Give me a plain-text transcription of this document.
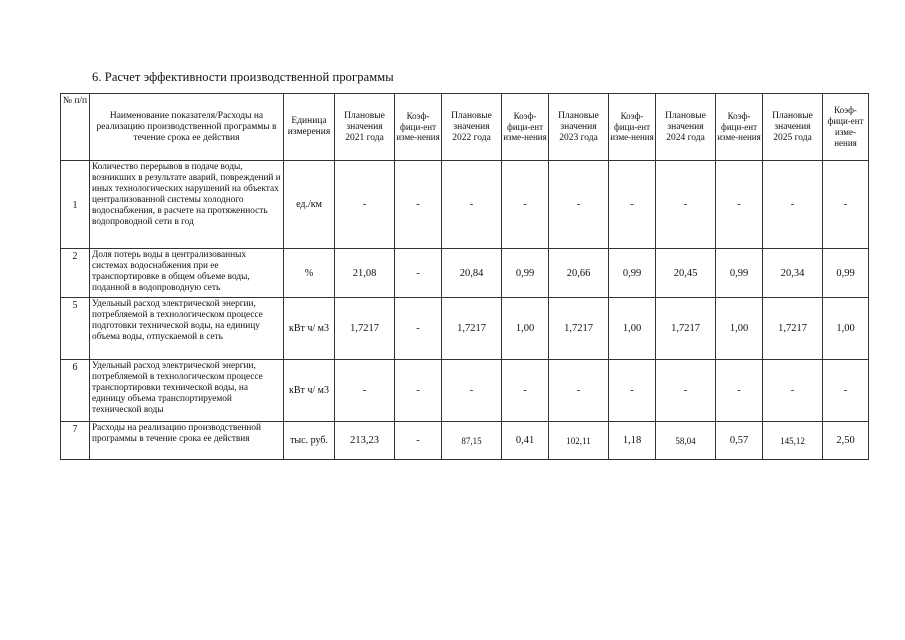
6. Расчет эффективности производственной программы
№ п/п	Наименование показателя/Расходы на реализацию производственной программы в течение срока ее действия	Единица измерения	Плановые значения 2021 года	Коэф-фици-ент изме-нения	Плановые значения 2022 года	Коэф-фици-ент изме-нения	Плановые значения 2023 года	Коэф-фици-ент изме-нения	Плановые значения 2024 года	Коэф-фици-ент изме-нения	Плановые значения 2025 года	Коэф-фици-ент изме-нения
1	Количество перерывов в подаче воды, возникших в результате аварий, повреждений и иных технологических нарушений на объектах централизованной системы холодного водоснабжения, в расчете на протяженность водопроводной сети в год	ед./км	-	-	-	-	-	-	-	-	-	-
2	Доля потерь воды в централизованных системах водоснабжения при ее транспортировке в общем объеме воды, поданной в водопроводную сеть	%	21,08	-	20,84	0,99	20,66	0,99	20,45	0,99	20,34	0,99
5	Удельный расход электрической энергии, потребляемой в технологическом процессе подготовки технической воды, на единицу объема воды, отпускаемой в сеть	кВт ч/ м3	1,7217	-	1,7217	1,00	1,7217	1,00	1,7217	1,00	1,7217	1,00
6	Удельный расход электрической энергии, потребляемой в технологическом процессе транспортировки технической воды, на единицу объема транспортируемой технической воды	кВт ч/ м3	-	-	-	-	-	-	-	-	-	-
7	Расходы на реализацию производственной программы в течение срока ее действия	тыс. руб.	213,23	-	87,15	0,41	102,11	1,18	58,04	0,57	145,12	2,50
